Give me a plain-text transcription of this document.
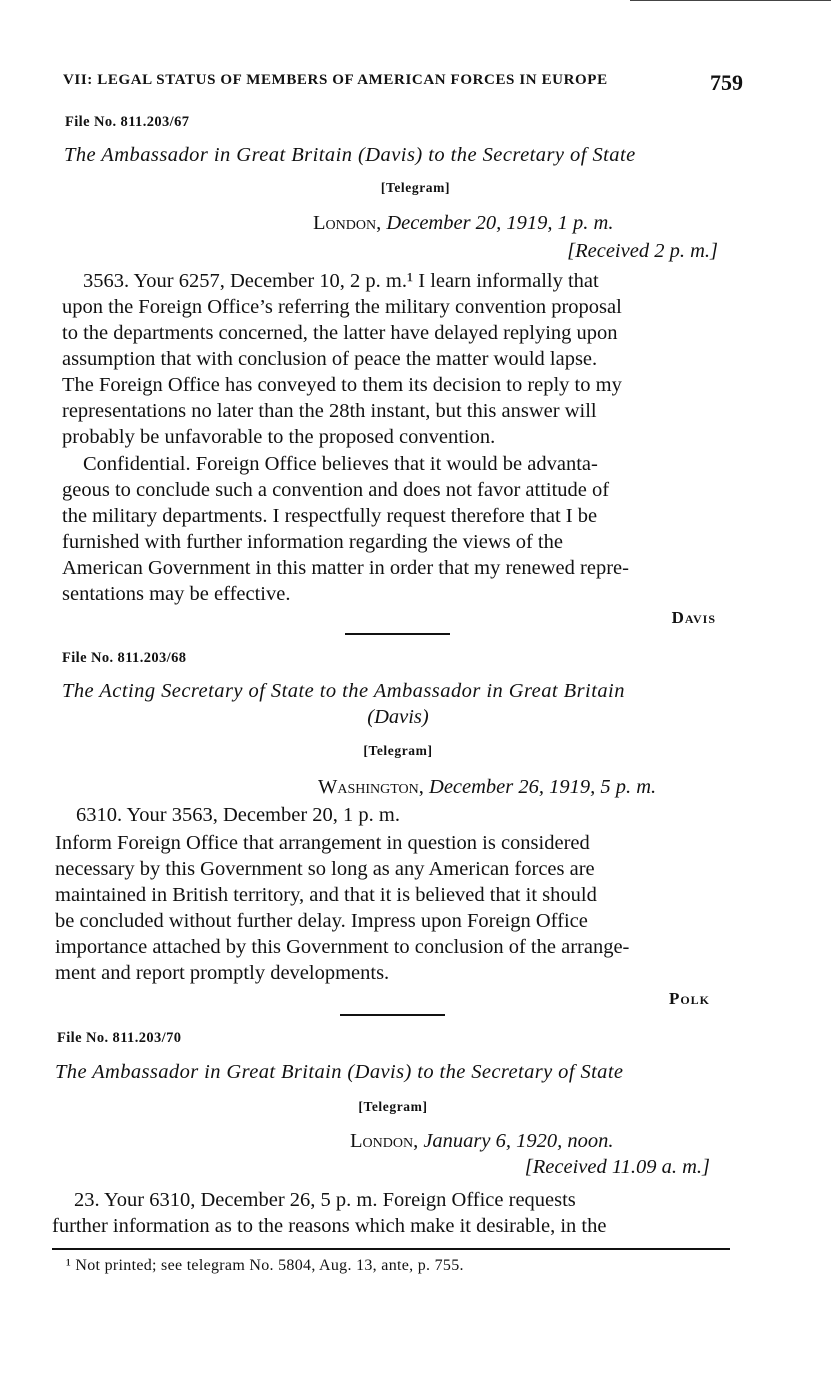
VII: LEGAL STATUS OF MEMBERS OF AMERICAN FORCES IN EUROPE	759
File No. 811.203/67
The Ambassador in Great Britain (Davis) to the Secretary of State
[Telegram]
London, December 20, 1919, 1 p. m.
[Received 2 p. m.]
3563. Your 6257, December 10, 2 p. m.¹ I learn informally that
upon the Foreign Office’s referring the military convention proposal
to the departments concerned, the latter have delayed replying upon
assumption that with conclusion of peace the matter would lapse.
The Foreign Office has conveyed to them its decision to reply to my
representations no later than the 28th instant, but this answer will
probably be unfavorable to the proposed convention.
Confidential. Foreign Office believes that it would be advanta-
geous to conclude such a convention and does not favor attitude of
the military departments. I respectfully request therefore that I be
furnished with further information regarding the views of the
American Government in this matter in order that my renewed repre-
sentations may be effective.
Davis
File No. 811.203/68
The Acting Secretary of State to the Ambassador in Great Britain
(Davis)
[Telegram]
Washington, December 26, 1919, 5 p. m.
6310. Your 3563, December 20, 1 p. m.
Inform Foreign Office that arrangement in question is considered
necessary by this Government so long as any American forces are
maintained in British territory, and that it is believed that it should
be concluded without further delay. Impress upon Foreign Office
importance attached by this Government to conclusion of the arrange-
ment and report promptly developments.
Polk
File No. 811.203/70
The Ambassador in Great Britain (Davis) to the Secretary of State
[Telegram]
London, January 6, 1920, noon.
[Received 11.09 a. m.]
23. Your 6310, December 26, 5 p. m. Foreign Office requests
further information as to the reasons which make it desirable, in the
¹ Not printed; see telegram No. 5804, Aug. 13, ante, p. 755.
